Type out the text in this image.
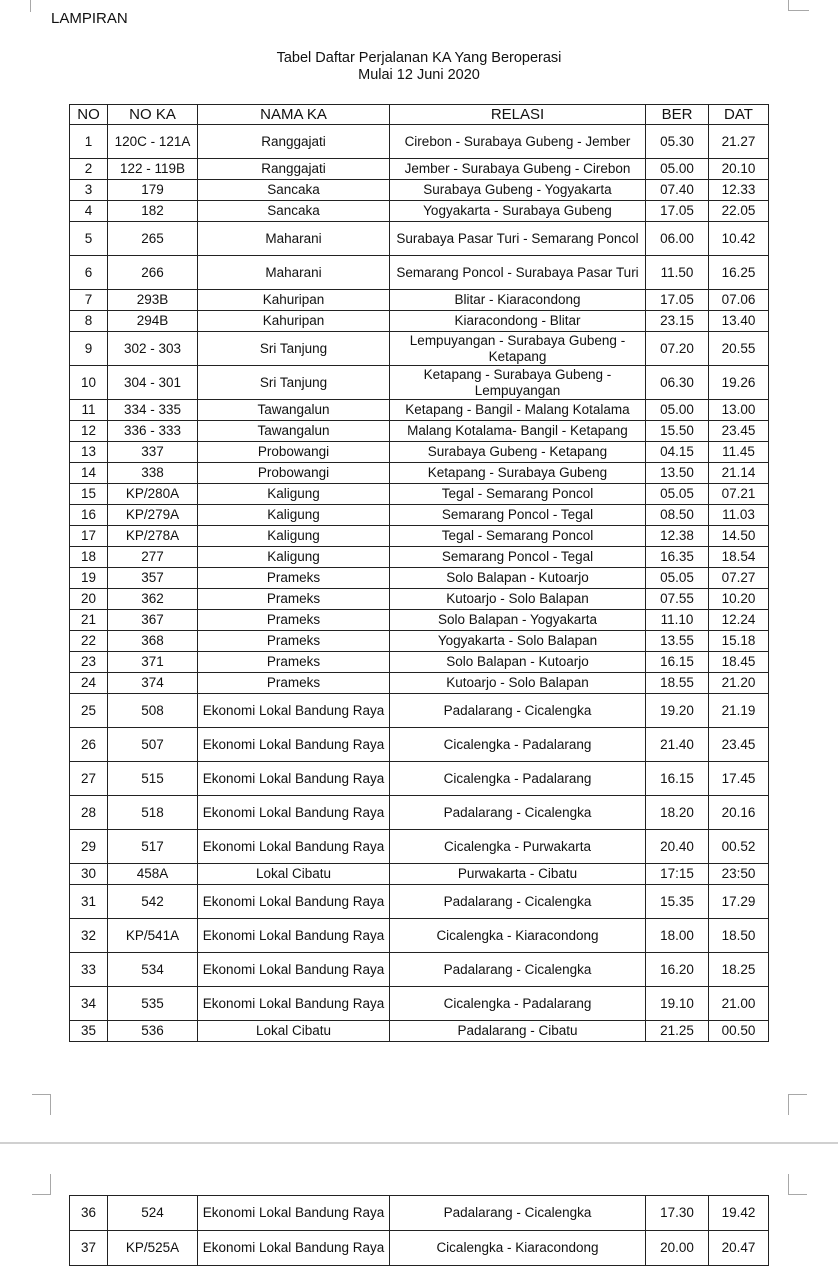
LAMPIRAN
Tabel Daftar Perjalanan KA Yang Beroperasi
Mulai 12 Juni 2020
NO	NO KA	NAMA KA	RELASI	BER	DAT
1	120C - 121A	Ranggajati	Cirebon - Surabaya Gubeng - Jember	05.30	21.27
2	122 - 119B	Ranggajati	Jember - Surabaya Gubeng - Cirebon	05.00	20.10
3	179	Sancaka	Surabaya Gubeng - Yogyakarta	07.40	12.33
4	182	Sancaka	Yogyakarta - Surabaya Gubeng	17.05	22.05
5	265	Maharani	Surabaya Pasar Turi - Semarang Poncol	06.00	10.42
6	266	Maharani	Semarang Poncol - Surabaya Pasar Turi	11.50	16.25
7	293B	Kahuripan	Blitar - Kiaracondong	17.05	07.06
8	294B	Kahuripan	Kiaracondong - Blitar	23.15	13.40
9	302 - 303	Sri Tanjung	Lempuyangan - Surabaya Gubeng - Ketapang	07.20	20.55
10	304 - 301	Sri Tanjung	Ketapang - Surabaya Gubeng - Lempuyangan	06.30	19.26
11	334 - 335	Tawangalun	Ketapang - Bangil - Malang Kotalama	05.00	13.00
12	336 - 333	Tawangalun	Malang Kotalama- Bangil - Ketapang	15.50	23.45
13	337	Probowangi	Surabaya Gubeng - Ketapang	04.15	11.45
14	338	Probowangi	Ketapang - Surabaya Gubeng	13.50	21.14
15	KP/280A	Kaligung	Tegal - Semarang Poncol	05.05	07.21
16	KP/279A	Kaligung	Semarang Poncol - Tegal	08.50	11.03
17	KP/278A	Kaligung	Tegal - Semarang Poncol	12.38	14.50
18	277	Kaligung	Semarang Poncol - Tegal	16.35	18.54
19	357	Prameks	Solo Balapan - Kutoarjo	05.05	07.27
20	362	Prameks	Kutoarjo - Solo Balapan	07.55	10.20
21	367	Prameks	Solo Balapan - Yogyakarta	11.10	12.24
22	368	Prameks	Yogyakarta - Solo Balapan	13.55	15.18
23	371	Prameks	Solo Balapan - Kutoarjo	16.15	18.45
24	374	Prameks	Kutoarjo - Solo Balapan	18.55	21.20
25	508	Ekonomi Lokal Bandung Raya	Padalarang - Cicalengka	19.20	21.19
26	507	Ekonomi Lokal Bandung Raya	Cicalengka - Padalarang	21.40	23.45
27	515	Ekonomi Lokal Bandung Raya	Cicalengka - Padalarang	16.15	17.45
28	518	Ekonomi Lokal Bandung Raya	Padalarang - Cicalengka	18.20	20.16
29	517	Ekonomi Lokal Bandung Raya	Cicalengka - Purwakarta	20.40	00.52
30	458A	Lokal Cibatu	Purwakarta - Cibatu	17:15	23:50
31	542	Ekonomi Lokal Bandung Raya	Padalarang - Cicalengka	15.35	17.29
32	KP/541A	Ekonomi Lokal Bandung Raya	Cicalengka - Kiaracondong	18.00	18.50
33	534	Ekonomi Lokal Bandung Raya	Padalarang - Cicalengka	16.20	18.25
34	535	Ekonomi Lokal Bandung Raya	Cicalengka - Padalarang	19.10	21.00
35	536	Lokal Cibatu	Padalarang - Cibatu	21.25	00.50
36	524	Ekonomi Lokal Bandung Raya	Padalarang - Cicalengka	17.30	19.42
37	KP/525A	Ekonomi Lokal Bandung Raya	Cicalengka - Kiaracondong	20.00	20.47
